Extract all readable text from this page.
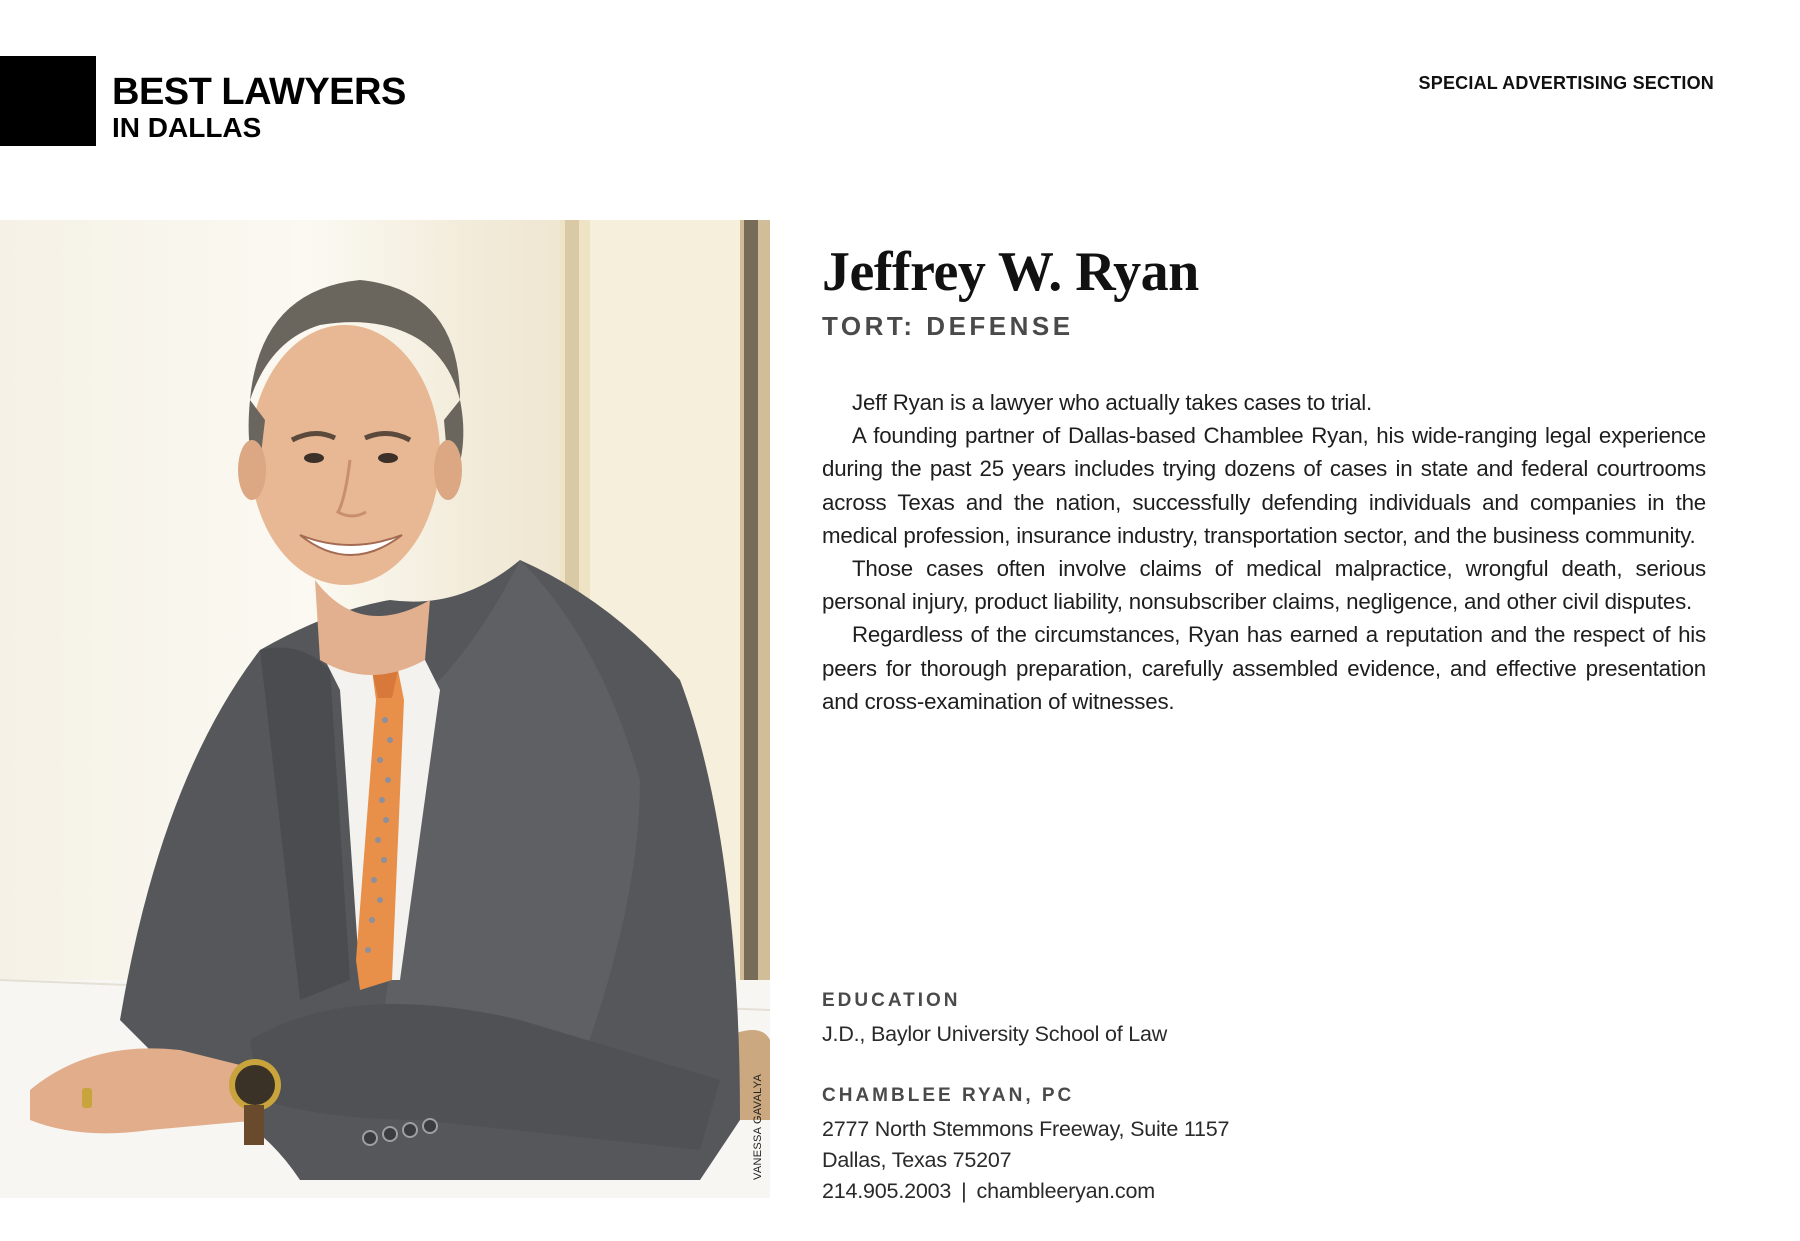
BEST LAWYERS
IN DALLAS
SPECIAL ADVERTISING SECTION
VANESSA GAVALYA
Jeffrey W. Ryan
TORT: DEFENSE

Jeff Ryan is a lawyer who actually takes cases to trial.

A founding partner of Dallas-based Chamblee Ryan, his wide-ranging legal experience during the past 25 years includes trying dozens of cases in state and federal courtrooms across Texas and the nation, successfully defending individuals and companies in the medical profession, insurance industry, transportation sector, and the business community.

Those cases often involve claims of medical malpractice, wrongful death, serious personal injury, product liability, nonsubscriber claims, negligence, and other civil disputes.

Regardless of the circumstances, Ryan has earned a reputation and the respect of his peers for thorough preparation, carefully assembled evidence, and effective presentation and cross-examination of witnesses.

EDUCATION
J.D., Baylor University School of Law
CHAMBLEE RYAN, PC
2777 North Stemmons Freeway, Suite 1157
Dallas, Texas 75207
214.905.2003 | chambleeryan.com
